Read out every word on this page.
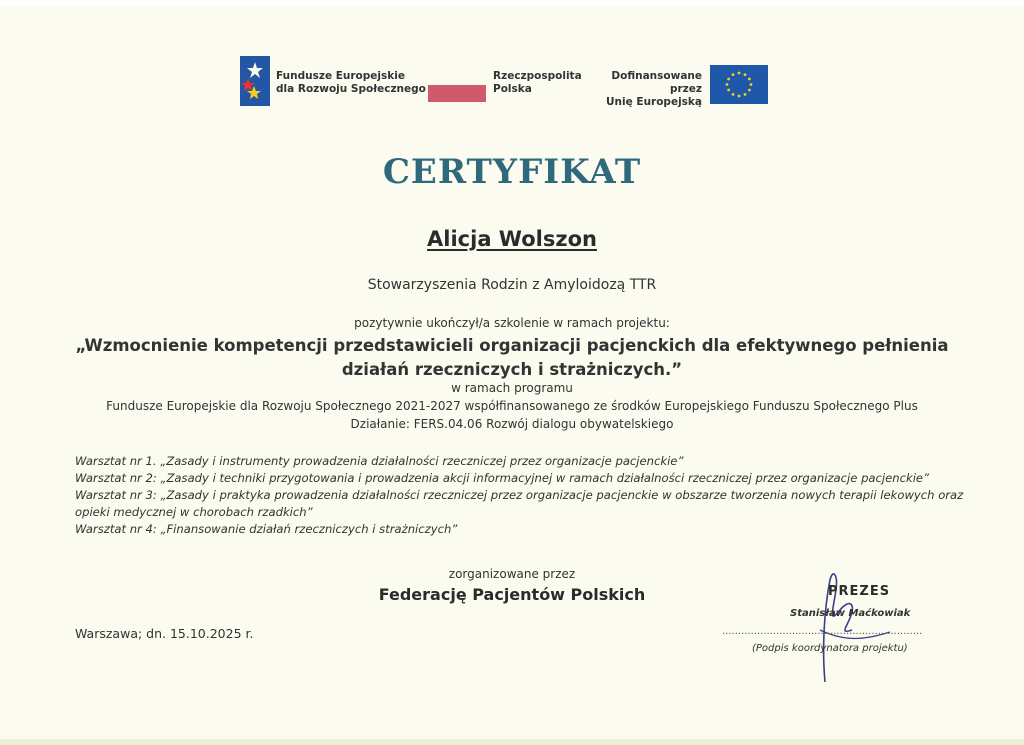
Fundusze Europejskie
dla Rozwoju Społecznego
Rzeczpospolita
Polska
Dofinansowane przez
Unię Europejską
CERTYFIKAT
Alicja Wolszon
Stowarzyszenia Rodzin z Amyloidozą TTR
pozytywnie ukończył/a szkolenie w ramach projektu:
„Wzmocnienie kompetencji przedstawicieli organizacji pacjenckich dla efektywnego pełnienia
działań rzeczniczych i strażniczych.”
w ramach programu
Fundusze Europejskie dla Rozwoju Społecznego 2021-2027 współfinansowanego ze środków Europejskiego Funduszu Społecznego Plus
Działanie: FERS.04.06 Rozwój dialogu obywatelskiego
Warsztat nr 1. „Zasady i instrumenty prowadzenia działalności rzeczniczej przez organizacje pacjenckie”
Warsztat nr 2: „Zasady i techniki przygotowania i prowadzenia akcji informacyjnej w ramach działalności rzeczniczej przez organizacje pacjenckie”
Warsztat nr 3: „Zasady i praktyka prowadzenia działalności rzeczniczej przez organizacje pacjenckie w obszarze tworzenia nowych terapii lekowych oraz opieki medycznej w chorobach rzadkich”
Warsztat nr 4: „Finansowanie działań rzeczniczych i strażniczych”
zorganizowane przez
Federację Pacjentów Polskich
Warszawa; dn. 15.10.2025 r.
PREZES
Stanisław Maćkowiak
...............................................................
(Podpis koordynatora projektu)
